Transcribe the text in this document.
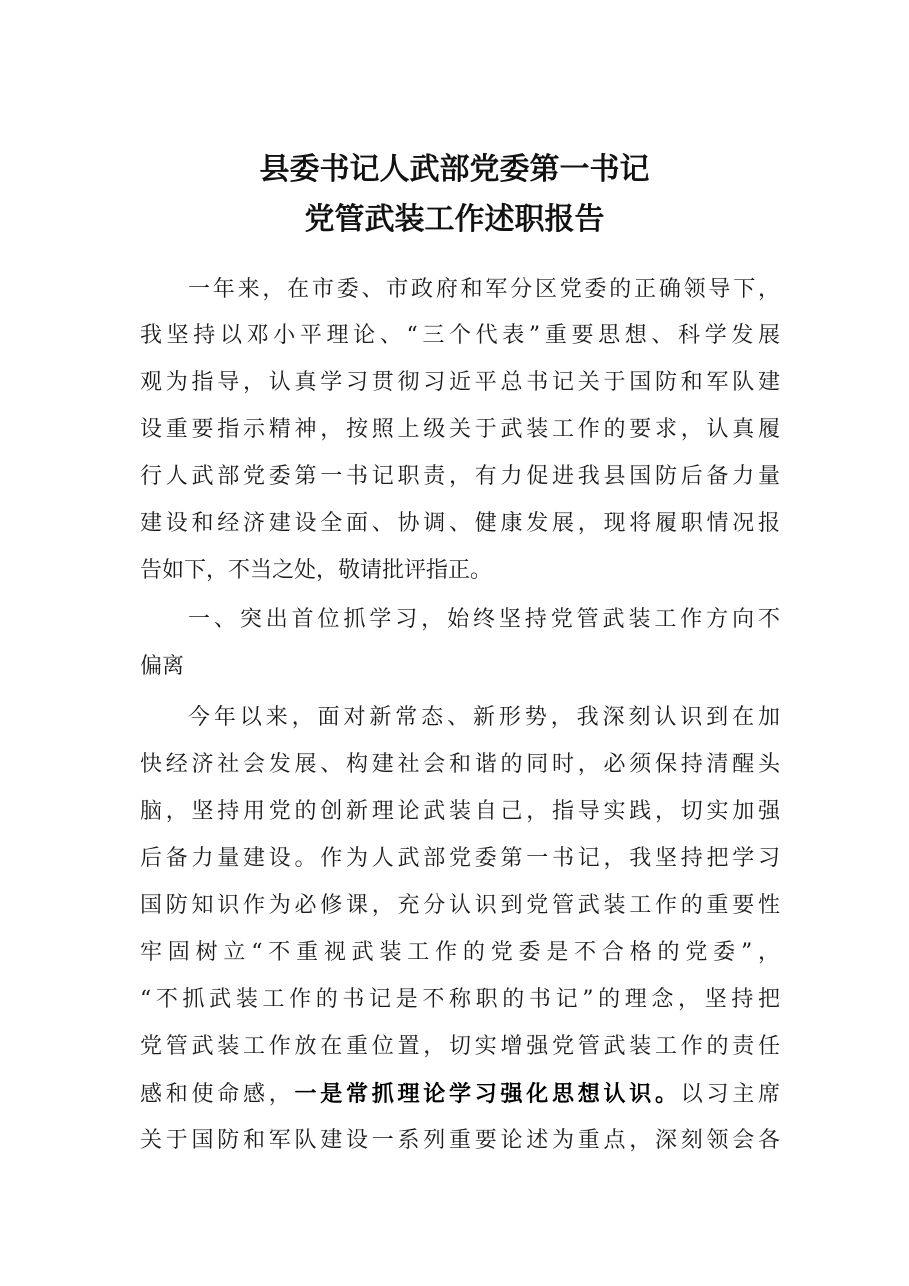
县委书记人武部党委第一书记
党管武装工作述职报告
一年来，在市委、市政府和军分区党委的正确领导下，
我坚持以邓小平理论、“三个代表”重要思想、科学发展
观为指导，认真学习贯彻习近平总书记关于国防和军队建
设重要指示精神，按照上级关于武装工作的要求，认真履
行人武部党委第一书记职责，有力促进我县国防后备力量
建设和经济建设全面、协调、健康发展，现将履职情况报
告如下，不当之处，敬请批评指正。
一、突出首位抓学习，始终坚持党管武装工作方向不
偏离
今年以来，面对新常态、新形势，我深刻认识到在加
快经济社会发展、构建社会和谐的同时，必须保持清醒头
脑，坚持用党的创新理论武装自己，指导实践，切实加强
后备力量建设。作为人武部党委第一书记，我坚持把学习
国防知识作为必修课，充分认识到党管武装工作的重要性
牢固树立“不重视武装工作的党委是不合格的党委”，
“不抓武装工作的书记是不称职的书记”的理念，坚持把
党管武装工作放在重位置，切实增强党管武装工作的责任
感和使命感，一是常抓理论学习强化思想认识。以习主席
关于国防和军队建设一系列重要论述为重点，深刻领会各
